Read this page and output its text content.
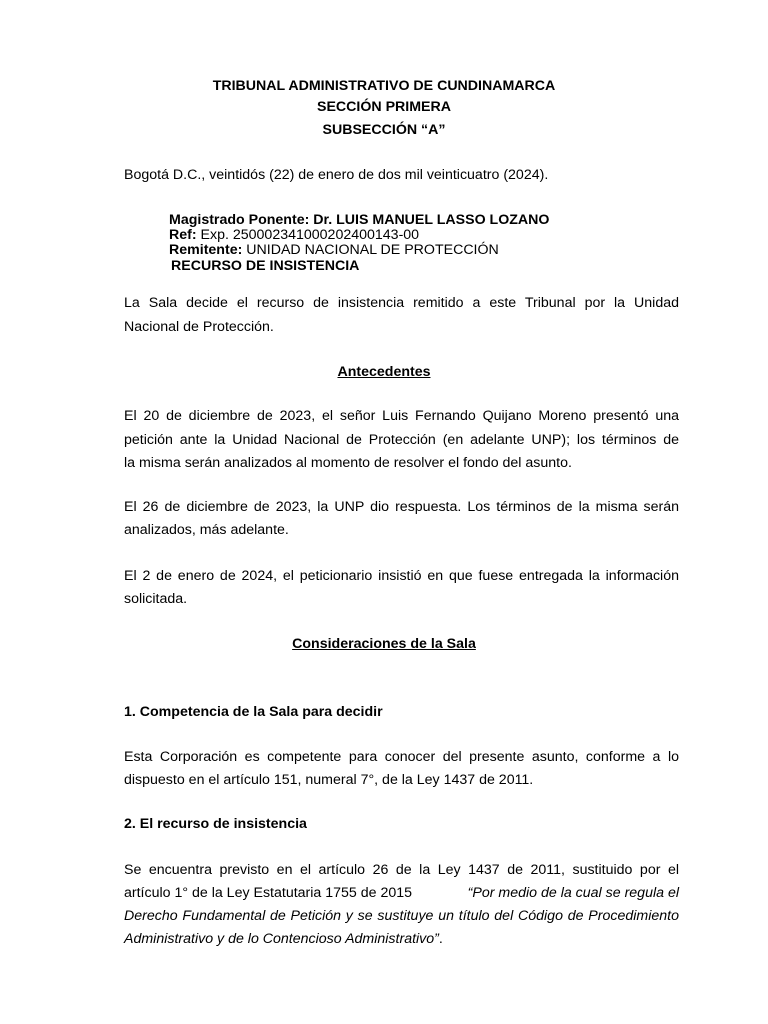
TRIBUNAL ADMINISTRATIVO DE CUNDINAMARCA
SECCIÓN PRIMERA
SUBSECCIÓN “A”
Bogotá D.C., veintidós (22) de enero de dos mil veinticuatro (2024).
Magistrado Ponente: Dr. LUIS MANUEL LASSO LOZANO
Ref: Exp. 250002341000202400143-00
Remitente: UNIDAD NACIONAL DE PROTECCIÓN
RECURSO DE INSISTENCIA
La Sala decide el recurso de insistencia remitido a este Tribunal por la Unidad
Nacional de Protección.
Antecedentes
El 20 de diciembre de 2023, el señor Luis Fernando Quijano Moreno presentó una
petición ante la Unidad Nacional de Protección (en adelante UNP); los términos de
la misma serán analizados al momento de resolver el fondo del asunto.
El 26 de diciembre de 2023, la UNP dio respuesta. Los términos de la misma serán
analizados, más adelante.
El 2 de enero de 2024, el peticionario insistió en que fuese entregada la información
solicitada.
Consideraciones de la Sala
1. Competencia de la Sala para decidir
Esta Corporación es competente para conocer del presente asunto, conforme a lo
dispuesto en el artículo 151, numeral 7°, de la Ley 1437 de 2011.
2. El recurso de insistencia
Se encuentra previsto en el artículo 26 de la Ley 1437 de 2011, sustituido por el
artículo 1° de la Ley Estatutaria 1755 de 2015	“Por medio de la cual se regula el
Derecho Fundamental de Petición y se sustituye un título del Código de Procedimiento
Administrativo y de lo Contencioso Administrativo”.
